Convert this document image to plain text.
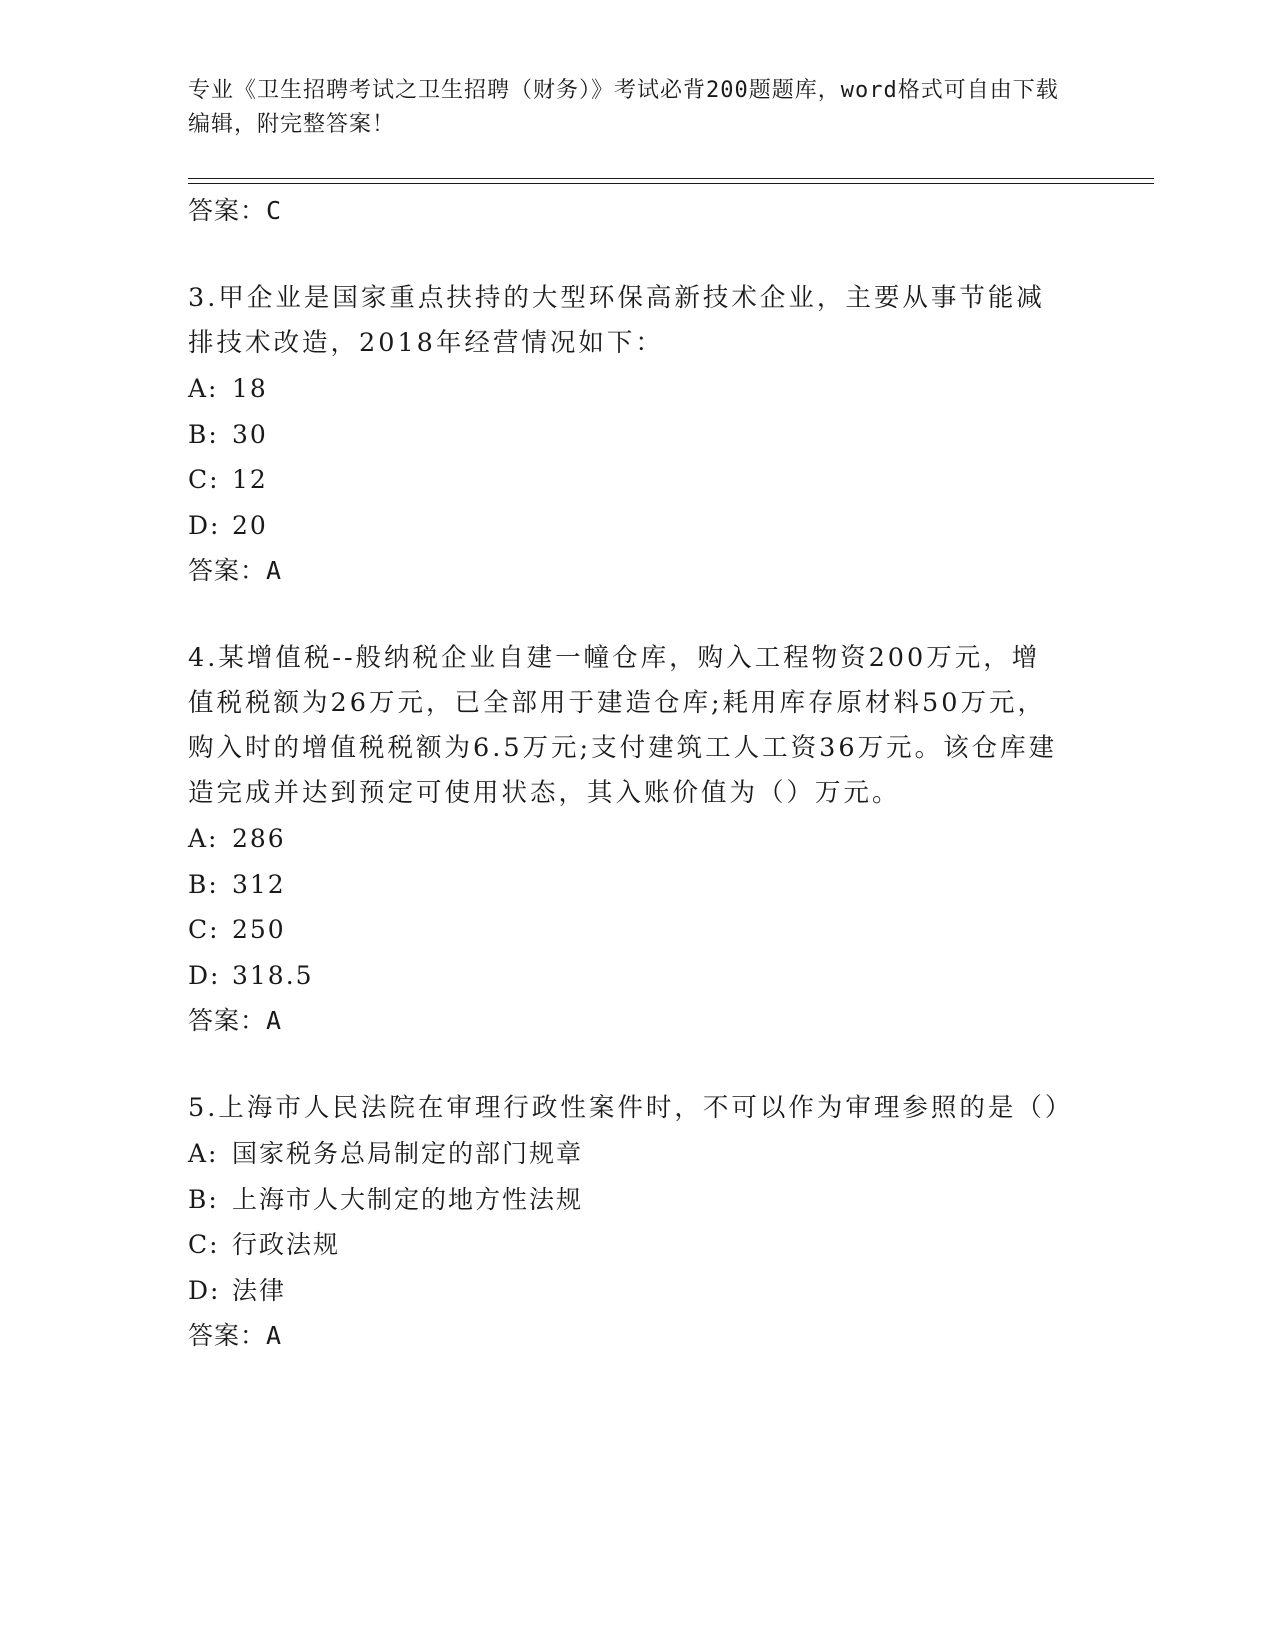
专业《卫生招聘考试之卫生招聘（财务）》考试必背200题题库，word格式可自由下载编辑，附完整答案！

答案：C

3.甲企业是国家重点扶持的大型环保高新技术企业，主要从事节能减排技术改造，2018年经营情况如下：

A: 18
B: 30
C: 12
D: 20

答案：A

4.某增值税--般纳税企业自建一幢仓库，购入工程物资200万元，增值税税额为26万元，已全部用于建造仓库;耗用库存原材料50万元，购入时的增值税税额为6.5万元;支付建筑工人工资36万元。该仓库建造完成并达到预定可使用状态，其入账价值为（）万元。

A: 286
B: 312
C: 250
D: 318.5

答案：A

5.上海市人民法院在审理行政性案件时，不可以作为审理参照的是（）

A: 国家税务总局制定的部门规章
B: 上海市人大制定的地方性法规
C: 行政法规
D: 法律

答案：A
